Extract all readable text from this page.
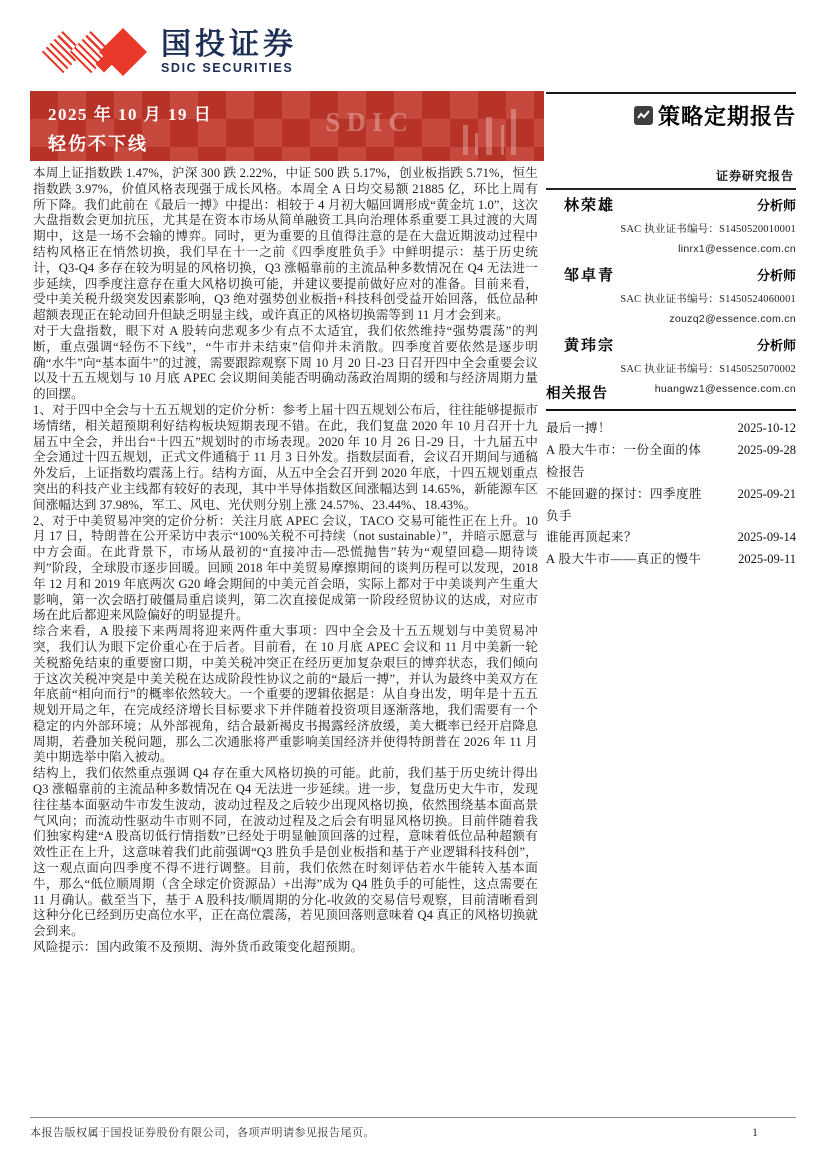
国投证券
SDIC SECURITIES
2025 年 10 月 19 日
轻伤不下线
SDIC	策略定期报告
证券研究报告
林荣雄	分析师
SAC 执业证书编号：S1450520010001
linrx1@essence.com.cn
邹卓青	分析师
SAC 执业证书编号：S1450524060001
zouzq2@essence.com.cn
黄玮宗	分析师
SAC 执业证书编号：S1450525070002
huangwz1@essence.com.cn
相关报告
最后一搏！	2025-10-12
A 股大牛市：一份全面的体检报告
2025-09-28
不能回避的探讨：四季度胜负手
2025-09-21
谁能再顶起来？	2025-09-14
A 股大牛市——真正的慢牛	2025-09-11

本周上证指数跌 1.47%，沪深 300 跌 2.22%，中证 500 跌 5.17%，创业板指跌 5.71%，恒生指数跌 3.97%，价值风格表现强于成长风格。本周全 A 日均交易额 21885 亿，环比上周有所下降。我们此前在《最后一搏》中提出：相较于 4 月初大幅回调形成“黄金坑 1.0”，这次大盘指数会更加抗压，尤其是在资本市场从简单融资工具向治理体系重要工具过渡的大周期中，这是一场不会输的博弈。同时，更为重要的且值得注意的是在大盘近期波动过程中结构风格正在悄然切换，我们早在十一之前《四季度胜负手》中鲜明提示：基于历史统计，Q3-Q4 多存在较为明显的风格切换，Q3 涨幅靠前的主流品种多数情况在 Q4 无法进一步延续，四季度注意存在重大风格切换可能，并建议要提前做好应对的准备。目前来看，受中美关税升级突发因素影响，Q3 绝对强势创业板指+科技科创受益开始回落，低位品种超额表现正在轮动回升但缺乏明显主线，或许真正的风格切换需等到 11 月才会到来。

对于大盘指数，眼下对 A 股转向悲观多少有点不太适宜，我们依然维持“强势震荡”的判断，重点强调“轻伤不下线”，“牛市并未结束”信仰并未消散。四季度首要依然是逐步明确“水牛”向“基本面牛”的过渡，需要跟踪观察下周 10 月 20 日-23 日召开四中全会重要会议以及十五五规划与 10 月底 APEC 会议期间美能否明确动荡政治周期的缓和与经济周期力量的回摆。

1、对于四中全会与十五五规划的定价分析：参考上届十四五规划公布后，往往能够提振市场情绪，相关超预期利好结构板块短期表现不错。在此，我们复盘 2020 年 10 月召开十九届五中全会，并出台“十四五”规划时的市场表现。2020 年 10 月 26 日-29 日，十九届五中全会通过十四五规划，正式文件通稿于 11 月 3 日外发。指数层面看，会议召开期间与通稿外发后，上证指数均震荡上行。结构方面，从五中全会召开到 2020 年底，十四五规划重点突出的科技产业主线都有较好的表现，其中半导体指数区间涨幅达到 14.65%，新能源车区间涨幅达到 37.98%，军工、风电、光伏则分别上涨 24.57%、23.44%、18.43%。

2、对于中美贸易冲突的定价分析：关注月底 APEC 会议，TACO 交易可能性正在上升。10 月 17 日，特朗普在公开采访中表示“100%关税不可持续（not sustainable）”，并暗示愿意与中方会面。在此背景下，市场从最初的“直接冲击—恐慌抛售”转为“观望回稳—期待谈判”阶段，全球股市逐步回暖。回顾 2018 年中美贸易摩擦期间的谈判历程可以发现，2018 年 12 月和 2019 年底两次 G20 峰会期间的中美元首会晤，实际上都对于中美谈判产生重大影响，第一次会晤打破僵局重启谈判，第二次直接促成第一阶段经贸协议的达成，对应市场在此后都迎来风险偏好的明显提升。

综合来看，A 股接下来两周将迎来两件重大事项：四中全会及十五五规划与中美贸易冲突，我们认为眼下定价重心在于后者。目前看，在 10 月底 APEC 会议和 11 月中美新一轮关税豁免结束的重要窗口期，中美关税冲突正在经历更加复杂艰巨的博弈状态，我们倾向于这次关税冲突是中美关税在达成阶段性协议之前的“最后一搏”，并认为最终中美双方在年底前“相向而行”的概率依然较大。一个重要的逻辑依据是：从自身出发，明年是十五五规划开局之年，在完成经济增长目标要求下并伴随着投资项目逐渐落地，我们需要有一个稳定的内外部环境；从外部视角，结合最新褐皮书揭露经济放缓，美大概率已经开启降息周期，若叠加关税问题，那么二次通胀将严重影响美国经济并使得特朗普在 2026 年 11 月美中期选举中陷入被动。

结构上，我们依然重点强调 Q4 存在重大风格切换的可能。此前，我们基于历史统计得出 Q3 涨幅靠前的主流品种多数情况在 Q4 无法进一步延续。进一步，复盘历史大牛市，发现往往基本面驱动牛市发生波动，波动过程及之后较少出现风格切换，依然围绕基本面高景气风向；而流动性驱动牛市则不同，在波动过程及之后会有明显风格切换。目前伴随着我们独家构建“A 股高切低行情指数”已经处于明显触顶回落的过程，意味着低位品种超额有效性正在上升，这意味着我们此前强调“Q3 胜负手是创业板指和基于产业逻辑科技科创”，这一观点面向四季度不得不进行调整。目前，我们依然在时刻评估若水牛能转入基本面牛，那么“低位顺周期（含全球定价资源品）+出海”成为 Q4 胜负手的可能性，这点需要在 11 月确认。截至当下，基于 A 股科技/顺周期的分化-收敛的交易信号观察，目前清晰看到这种分化已经到历史高位水平，正在高位震荡，若见顶回落则意味着 Q4 真正的风格切换就会到来。

风险提示：国内政策不及预期、海外货币政策变化超预期。

本报告版权属于国投证券股份有限公司，各项声明请参见报告尾页。	1
